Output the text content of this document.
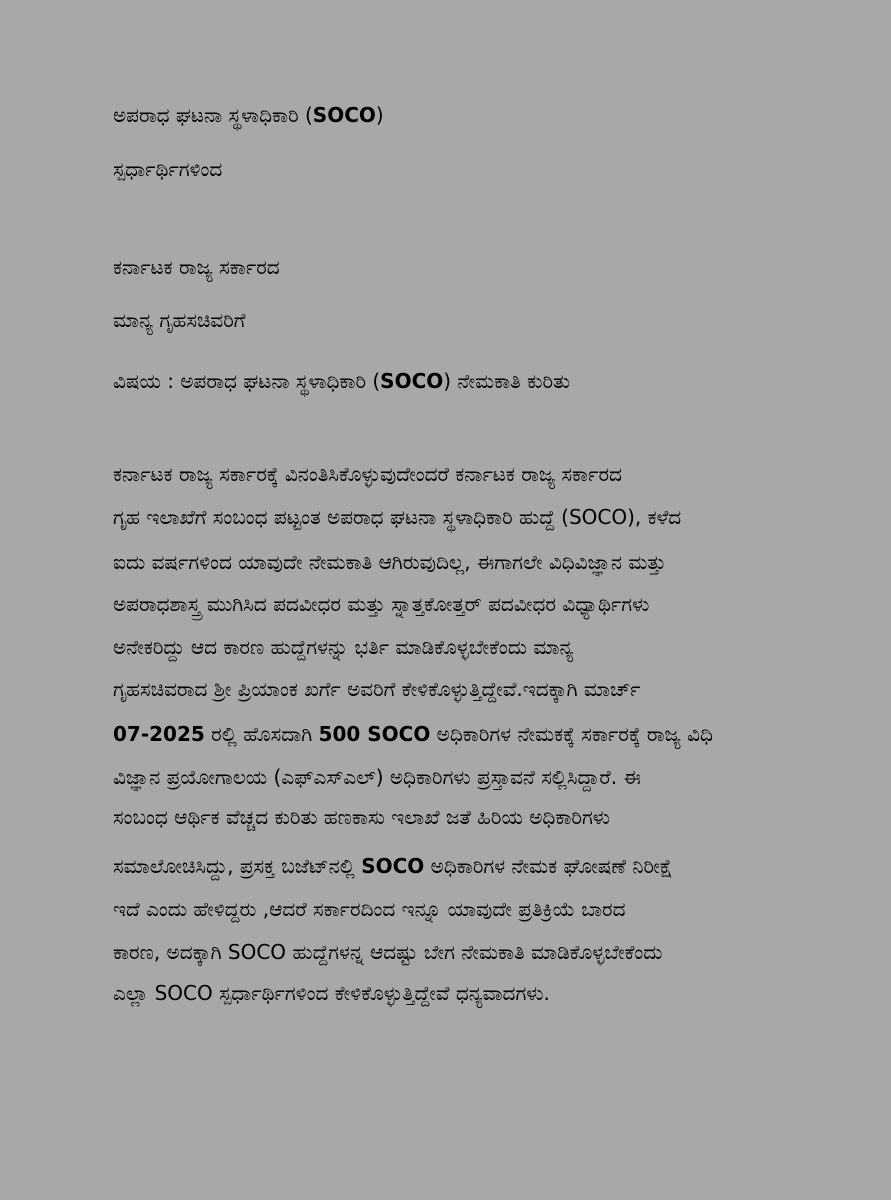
ಅಪರಾಧ ಘಟನಾ ಸ್ಥಳಾಧಿಕಾರಿ (SOCO)
ಸ್ಪರ್ಧಾರ್ಥಿಗಳಿಂದ
ಕರ್ನಾಟಕ ರಾಜ್ಯ ಸರ್ಕಾರದ
ಮಾನ್ಯ ಗೃಹಸಚಿವರಿಗೆ
ವಿಷಯ : ಅಪರಾಧ ಘಟನಾ ಸ್ಥಳಾಧಿಕಾರಿ (SOCO) ನೇಮಕಾತಿ ಕುರಿತು
ಕರ್ನಾಟಕ ರಾಜ್ಯ ಸರ್ಕಾರಕ್ಕೆ ವಿನಂತಿಸಿಕೊಳ್ಳುವುದೇಂದರೆ ಕರ್ನಾಟಕ ರಾಜ್ಯ ಸರ್ಕಾರದ
ಗೃಹ ಇಲಾಖೆಗೆ ಸಂಬಂಧ ಪಟ್ಟಂತ ಅಪರಾಧ ಘಟನಾ ಸ್ಥಳಾಧಿಕಾರಿ ಹುದ್ದೆ (SOCO), ಕಳೆದ
ಐದು ವರ್ಷಗಳಿಂದ ಯಾವುದೇ ನೇಮಕಾತಿ ಆಗಿರುವುದಿಲ್ಲ, ಈಗಾಗಲೇ ವಿಧಿವಿಜ್ಞಾನ ಮತ್ತು
ಅಪರಾಧಶಾಸ್ತ್ರ ಮುಗಿಸಿದ ಪದವೀಧರ ಮತ್ತು ಸ್ನಾತ್ತಕೋತ್ತರ್ ಪದವೀಧರ ವಿಧ್ಯಾರ್ಥಿಗಳು
ಅನೇಕರಿದ್ದು ಆದ ಕಾರಣ ಹುದ್ದೆಗಳನ್ನು ಭರ್ತಿ ಮಾಡಿಕೊಳ್ಳಬೇಕೆಂದು ಮಾನ್ಯ
ಗೃಹಸಚಿವರಾದ ಶ್ರೀ ಪ್ರಿಯಾಂಕ ಖರ್ಗೆ ಅವರಿಗೆ ಕೇಳಿಕೊಳ್ಳುತ್ತಿದ್ದೇವೆ.ಇದಕ್ಕಾಗಿ ಮಾರ್ಚ್
07-2025 ರಲ್ಲಿ ಹೊಸದಾಗಿ 500 SOCO ಅಧಿಕಾರಿಗಳ ನೇಮಕಕ್ಕೆ ಸರ್ಕಾರಕ್ಕೆ ರಾಜ್ಯ ವಿಧಿ
ವಿಜ್ಞಾನ ಪ್ರಯೋಗಾಲಯ (ಎಫ್ಎಸ್ಎಲ್) ಅಧಿಕಾರಿಗಳು ಪ್ರಸ್ತಾವನೆ ಸಲ್ಲಿಸಿದ್ದಾರೆ. ಈ
ಸಂಬಂಧ ಆರ್ಥಿಕ ವೆಚ್ಚದ ಕುರಿತು ಹಣಕಾಸು ಇಲಾಖೆ ಜತೆ ಹಿರಿಯ ಅಧಿಕಾರಿಗಳು
ಸಮಾಲೋಚಿಸಿದ್ದು, ಪ್ರಸಕ್ತ ಬಜೆಟ್‌ನಲ್ಲಿ SOCO ಅಧಿಕಾರಿಗಳ ನೇಮಕ ಘೋಷಣೆ ನಿರೀಕ್ಷೆ
ಇದೆ ಎಂದು ಹೇಳಿದ್ದರು ,ಆದರೆ ಸರ್ಕಾರದಿಂದ ಇನ್ನೂ ಯಾವುದೇ ಪ್ರತಿಕ್ರಿಯೆ ಬಾರದ
ಕಾರಣ, ಅದಕ್ಕಾಗಿ SOCO ಹುದ್ದೆಗಳನ್ನ ಆದಷ್ಟು ಬೇಗ ನೇಮಕಾತಿ ಮಾಡಿಕೊಳ್ಳಬೇಕೆಂದು
ಎಲ್ಲಾ SOCO ಸ್ಪರ್ಧಾರ್ಥಿಗಳಿಂದ ಕೇಳಿಕೊಳ್ಳುತ್ತಿದ್ದೇವೆ ಧನ್ಯವಾದಗಳು.
